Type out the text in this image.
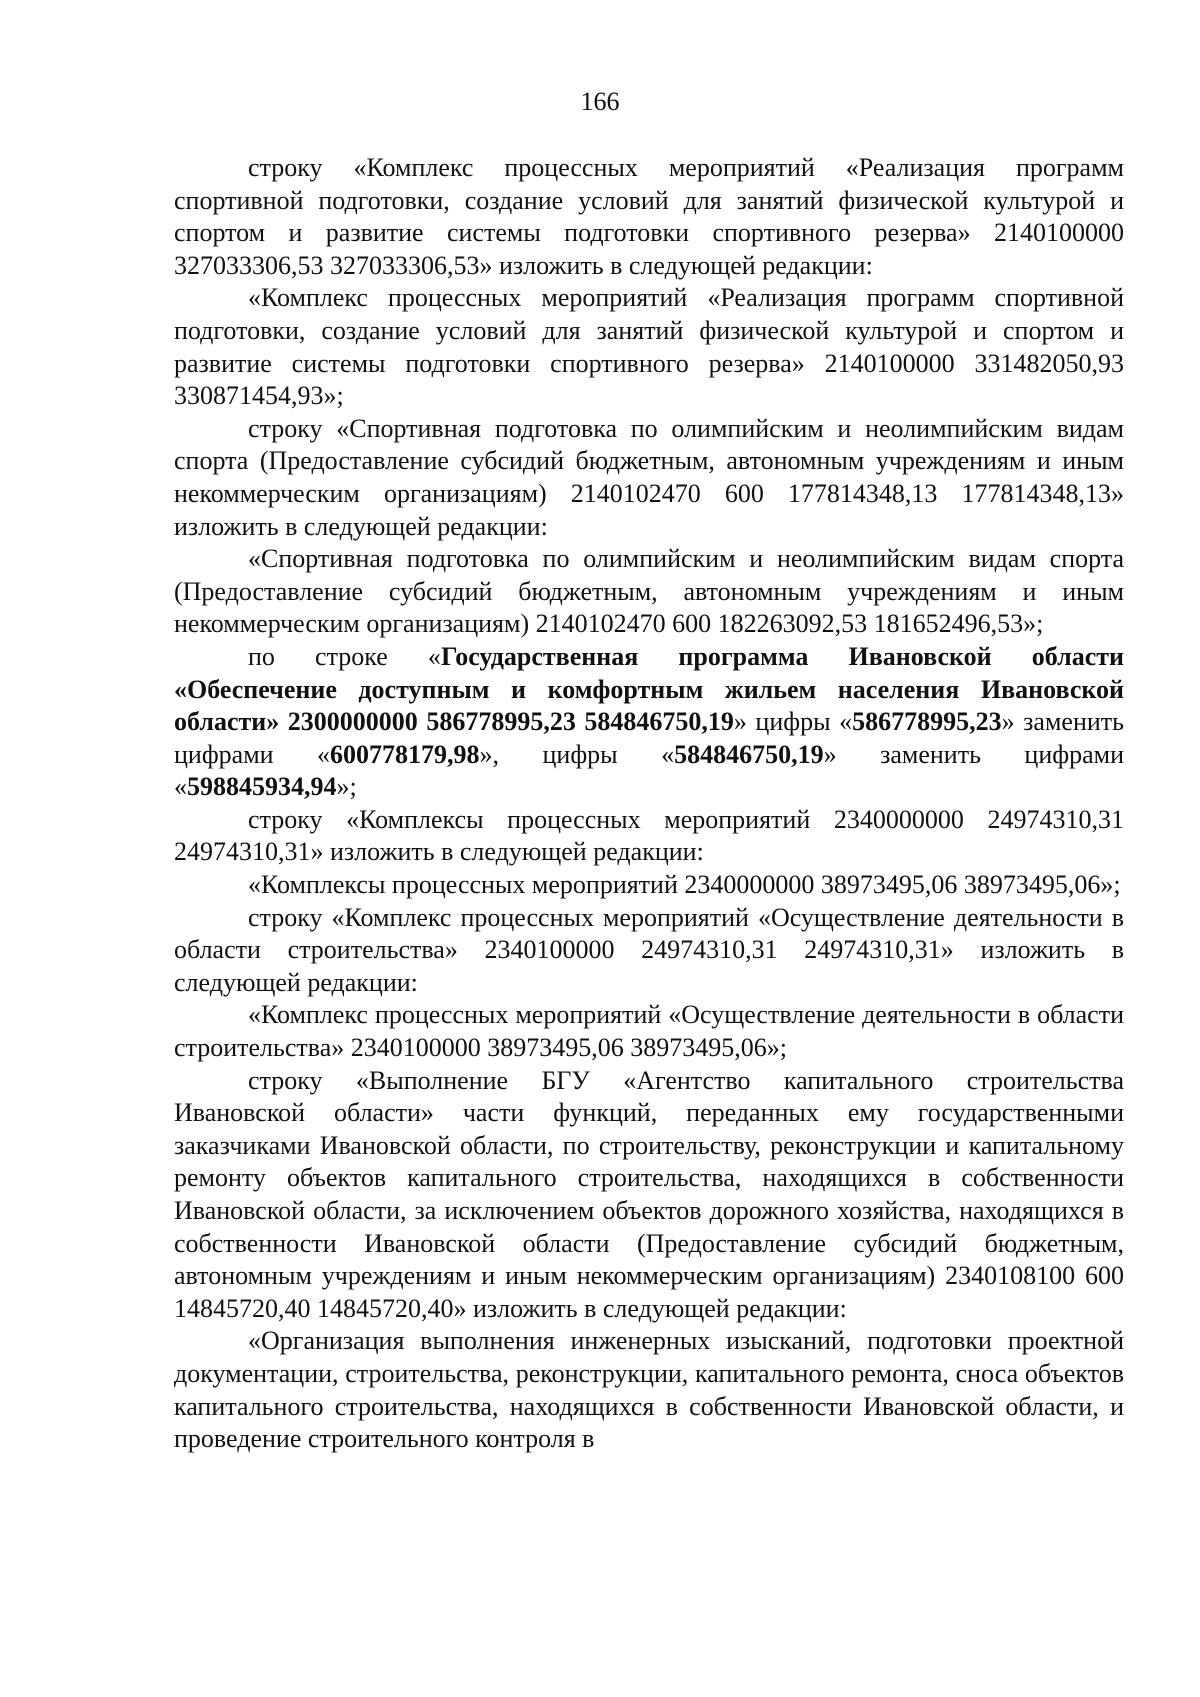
166

строку «Комплекс процессных мероприятий «Реализация программ спортивной подготовки, создание условий для занятий физической культурой и спортом и развитие системы подготовки спортивного резерва» 2140100000 327033306,53 327033306,53» изложить в следующей редакции:

«Комплекс процессных мероприятий «Реализация программ спортивной подготовки, создание условий для занятий физической культурой и спортом и развитие системы подготовки спортивного резерва» 2140100000 331482050,93 330871454,93»;

строку «Спортивная подготовка по олимпийским и неолимпийским видам спорта (Предоставление субсидий бюджетным, автономным учреждениям и иным некоммерческим организациям) 2140102470 600 177814348,13 177814348,13» изложить в следующей редакции:

«Спортивная подготовка по олимпийским и неолимпийским видам спорта (Предоставление субсидий бюджетным, автономным учреждениям и иным некоммерческим организациям) 2140102470 600 182263092,53 181652496,53»;

по строке «Государственная программа Ивановской области «Обеспечение доступным и комфортным жильем населения Ивановской области» 2300000000 586778995,23 584846750,19» цифры «586778995,23» заменить цифрами «600778179,98», цифры «584846750,19» заменить цифрами «598845934,94»;

строку «Комплексы процессных мероприятий 2340000000 24974310,31 24974310,31» изложить в следующей редакции:

«Комплексы процессных мероприятий 2340000000 38973495,06 38973495,06»;

строку «Комплекс процессных мероприятий «Осуществление деятельности в области строительства» 2340100000 24974310,31 24974310,31» изложить в следующей редакции:

«Комплекс процессных мероприятий «Осуществление деятельности в области строительства» 2340100000 38973495,06 38973495,06»;

строку «Выполнение БГУ «Агентство капитального строительства Ивановской области» части функций, переданных ему государственными заказчиками Ивановской области, по строительству, реконструкции и капитальному ремонту объектов капитального строительства, находящихся в собственности Ивановской области, за исключением объектов дорожного хозяйства, находящихся в собственности Ивановской области (Предоставление субсидий бюджетным, автономным учреждениям и иным некоммерческим организациям) 2340108100 600 14845720,40 14845720,40» изложить в следующей редакции:

«Организация выполнения инженерных изысканий, подготовки проектной документации, строительства, реконструкции, капитального ремонта, сноса объектов капитального строительства, находящихся в собственности Ивановской области, и проведение строительного контроля в
